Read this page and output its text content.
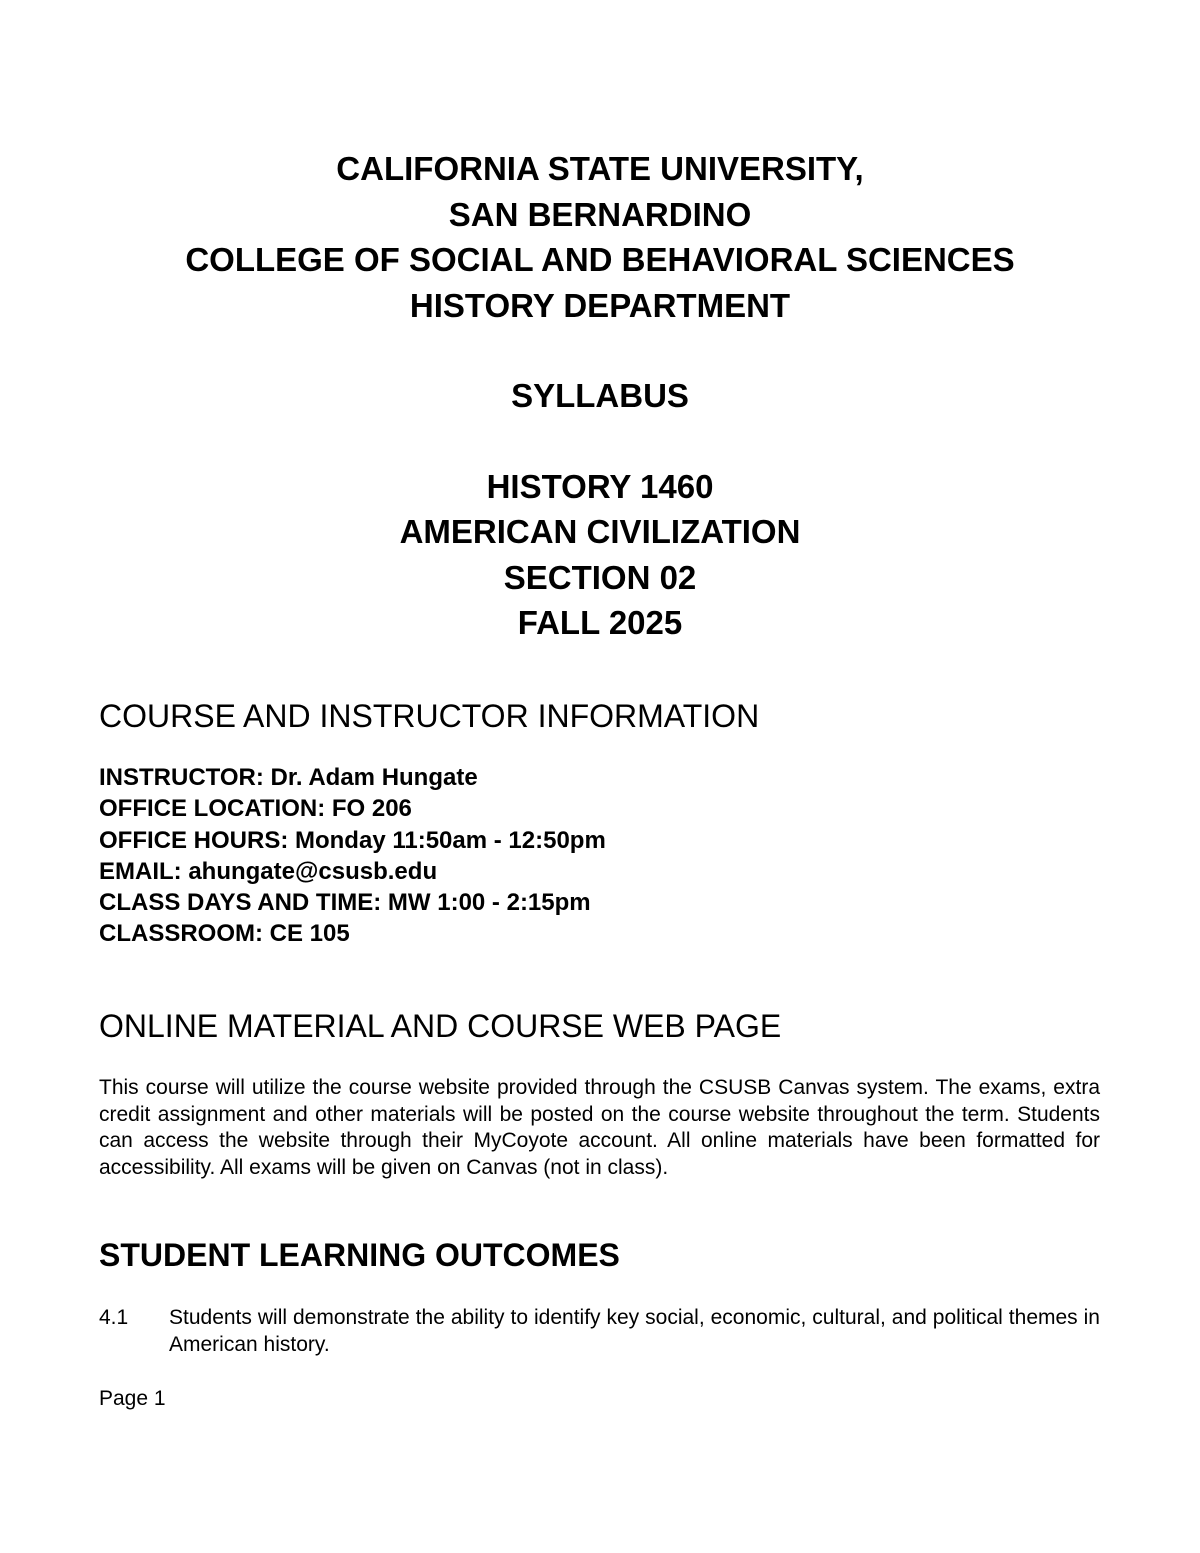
CALIFORNIA STATE UNIVERSITY,
SAN BERNARDINO
COLLEGE OF SOCIAL AND BEHAVIORAL SCIENCES
HISTORY DEPARTMENT
SYLLABUS
HISTORY 1460
AMERICAN CIVILIZATION
SECTION 02
FALL 2025
COURSE AND INSTRUCTOR INFORMATION
INSTRUCTOR: Dr. Adam Hungate
OFFICE LOCATION: FO 206
OFFICE HOURS: Monday 11:50am - 12:50pm
EMAIL: ahungate@csusb.edu
CLASS DAYS AND TIME: MW 1:00 - 2:15pm
CLASSROOM: CE 105
ONLINE MATERIAL AND COURSE WEB PAGE
This course will utilize the course website provided through the CSUSB Canvas system. The exams, extra credit assignment and other materials will be posted on the course website throughout the term. Students can access the website through their MyCoyote account. All online materials have been formatted for accessibility. All exams will be given on Canvas (not in class).
STUDENT LEARNING OUTCOMES
4.1 Students will demonstrate the ability to identify key social, economic, cultural, and political themes in American history.
Page 1
